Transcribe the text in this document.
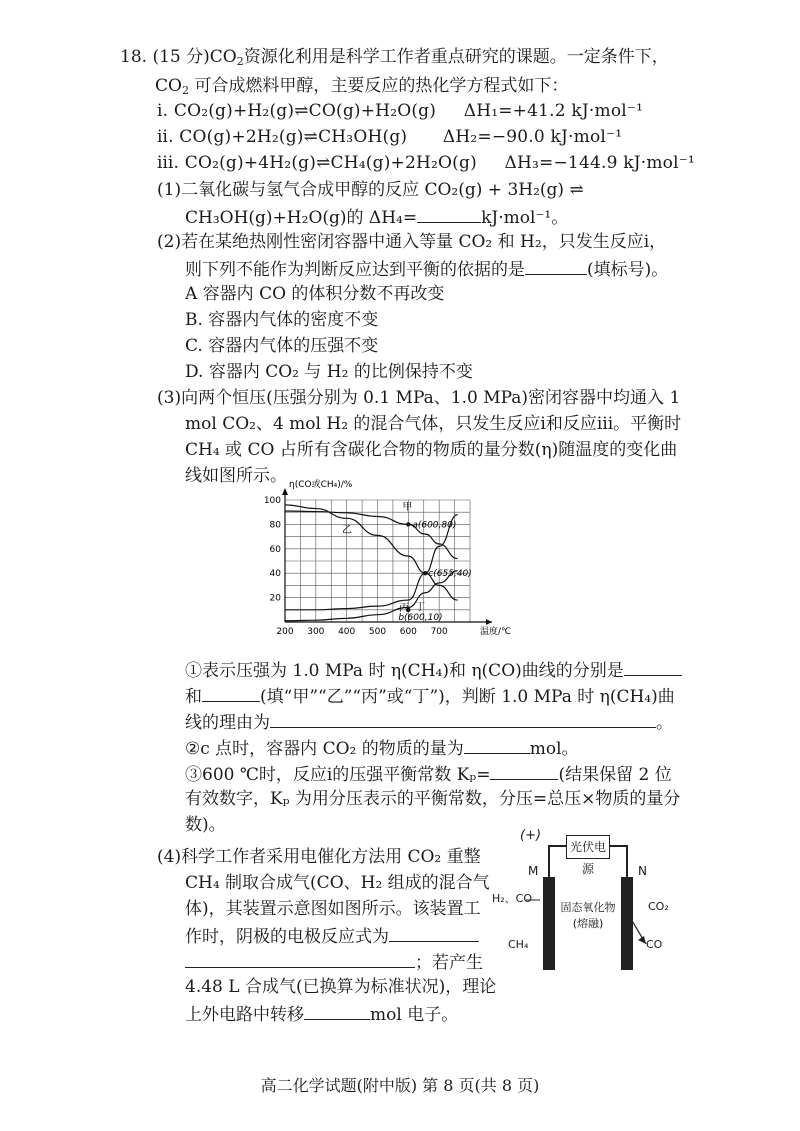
18. (15 分)$CO_2$资源化利用是科学工作者重点研究的课题。一定条件下，
$CO_2$ 可合成燃料甲醇，主要反应的热化学方程式如下：
ⅰ. CO₂(g)+H₂(g)⇌CO(g)+H₂O(g) ΔH₁=+41.2 kJ·mol⁻¹
ⅱ. CO(g)+2H₂(g)⇌CH₃OH(g) ΔH₂=−90.0 kJ·mol⁻¹
ⅲ. CO₂(g)+4H₂(g)⇌CH₄(g)+2H₂O(g) ΔH₃=−144.9 kJ·mol⁻¹
(1)二氧化碳与氢气合成甲醇的反应 CO₂(g) + 3H₂(g) ⇌
CH₃OH(g)+H₂O(g)的 ΔH₄=	kJ·mol⁻¹。
(2)若在某绝热刚性密闭容器中通入等量 CO₂ 和 H₂，只发生反应ⅰ，
则下列不能作为判断反应达到平衡的依据的是	(填标号)。
A 容器内 CO 的体积分数不再改变
B. 容器内气体的密度不变
C. 容器内气体的压强不变
D. 容器内 CO₂ 与 H₂ 的比例保持不变
(3)向两个恒压(压强分别为 0.1 MPa、1.0 MPa)密闭容器中均通入 1
mol CO₂、4 mol H₂ 的混合气体，只发生反应ⅰ和反应ⅲ。平衡时
CH₄ 或 CO 占所有含碳化合物的物质的量分数(η)随温度的变化曲
线如图所示。
200 300 400 500 600 700
20
40
60
80
100
η(CO或CH₄)/%
温度/℃
甲
乙
丙 丁
a(600,80)
c(655,40)
b(600,10)
①表示压强为 1.0 MPa 时 η(CH₄)和 η(CO)曲线的分别是
和	(填“甲”“乙”“丙”或“丁”)，判断 1.0 MPa 时 η(CH₄)曲
线的理由为	。
②c 点时，容器内 CO₂ 的物质的量为	mol。
③600 ℃时，反应ⅰ的压强平衡常数 Kₚ=	(结果保留 2 位
有效数字，Kₚ 为用分压表示的平衡常数，分压=总压×物质的量分
数)。
(4)科学工作者采用电催化方法用 CO₂ 重整
CH₄ 制取合成气(CO、H₂ 组成的混合气
体)，其装置示意图如图所示。该装置工
作时，阴极的电极反应式为
；若产生
4.48 L 合成气(已换算为标准状况)，理论
上外电路中转移	mol 电子。
(+)
光伏电源
M	N
固态氧化物
(熔融)
H₂、CO
CH₄
CO₂
CO
高二化学试题(附中版) 第 8 页(共 8 页)
